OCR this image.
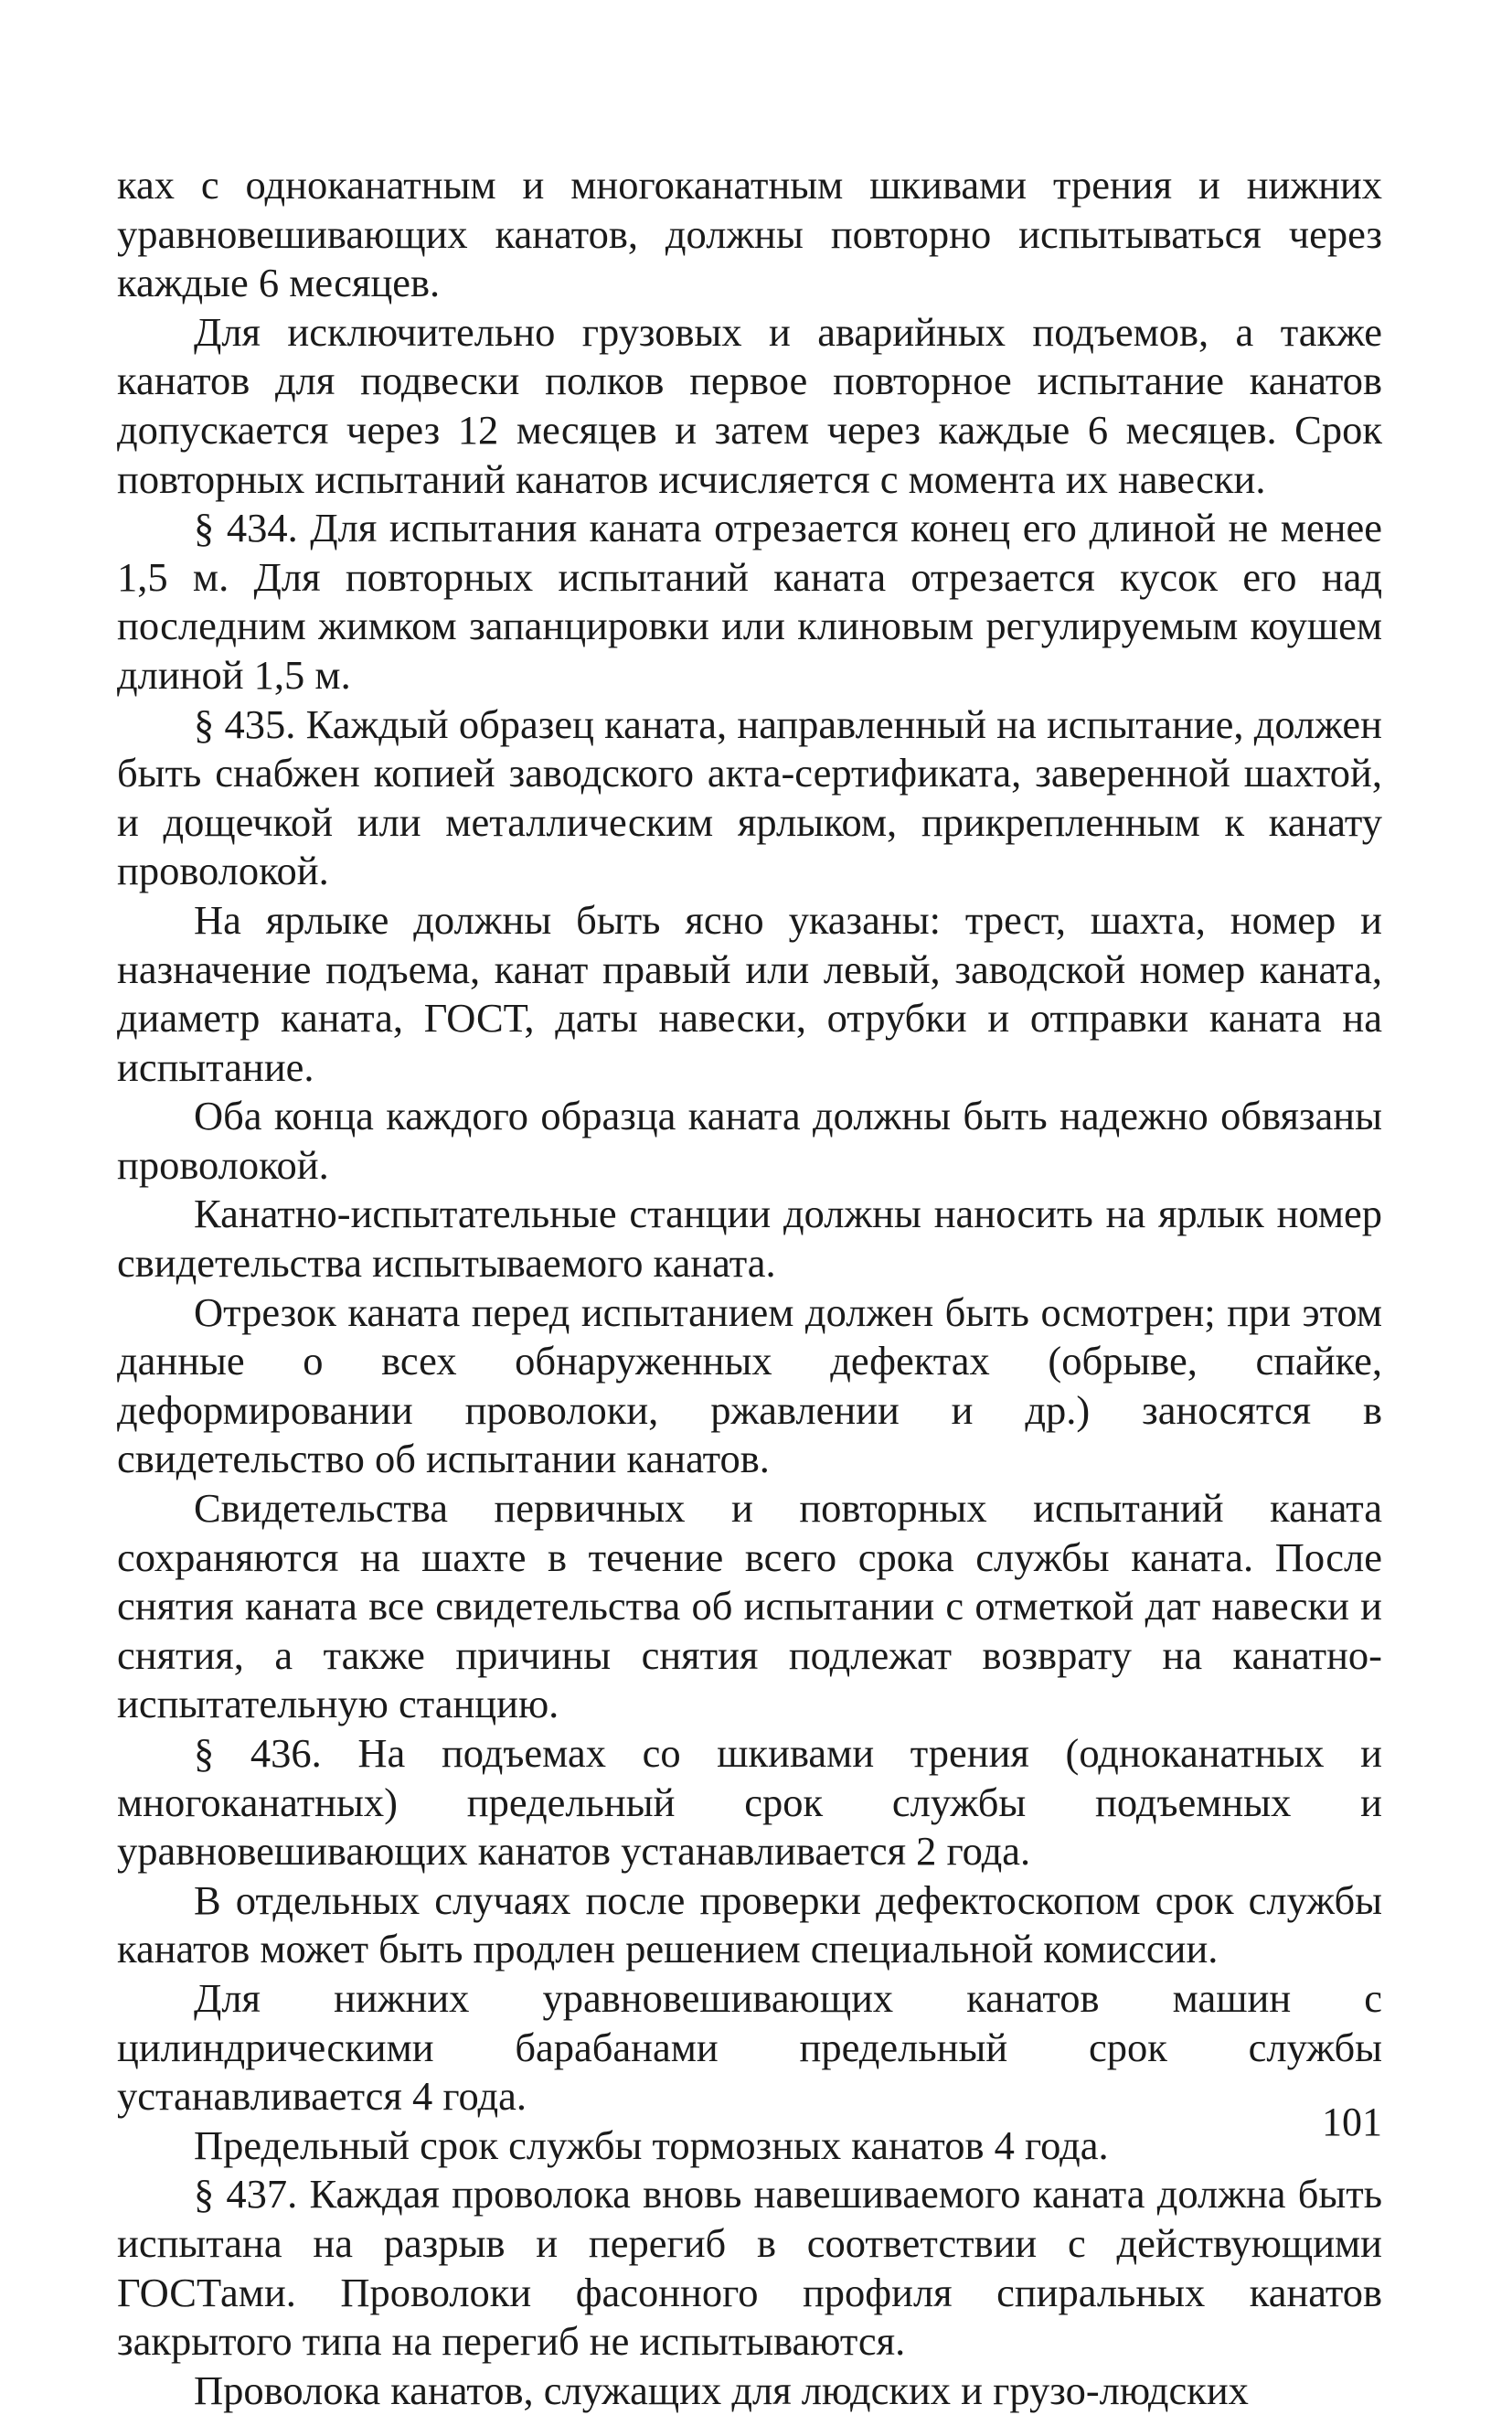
ках с одноканатным и многоканатным шкивами трения и нижних уравновешивающих канатов, должны повторно испытываться через каждые 6 месяцев.

Для исключительно грузовых и аварийных подъемов, а также канатов для подвески полков первое повторное испытание канатов допускается через 12 месяцев и затем через каждые 6 месяцев. Срок повторных испытаний канатов исчисляется с момента их навески.

§ 434. Для испытания каната отрезается конец его длиной не менее 1,5 м. Для повторных испытаний каната отрезается кусок его над последним жимком запанцировки или клиновым регулируемым коушем длиной 1,5 м.

§ 435. Каждый образец каната, направленный на испытание, должен быть снабжен копией заводского акта-сертификата, заверенной шахтой, и дощечкой или металлическим ярлыком, прикрепленным к канату проволокой.

На ярлыке должны быть ясно указаны: трест, шахта, номер и назначение подъема, канат правый или левый, заводской номер каната, диаметр каната, ГОСТ, даты навески, отрубки и отправки каната на испытание.

Оба конца каждого образца каната должны быть надежно обвязаны проволокой.

Канатно-испытательные станции должны наносить на ярлык номер свидетельства испытываемого каната.

Отрезок каната перед испытанием должен быть осмотрен; при этом данные о всех обнаруженных дефектах (обрыве, спайке, деформировании проволоки, ржавлении и др.) заносятся в свидетельство об испытании канатов.

Свидетельства первичных и повторных испытаний каната сохраняются на шахте в течение всего срока службы каната. После снятия каната все свидетельства об испытании с отметкой дат навески и снятия, а также причины снятия подлежат возврату на канатно-испытательную станцию.

§ 436. На подъемах со шкивами трения (одноканатных и многоканатных) предельный срок службы подъемных и уравновешивающих канатов устанавливается 2 года.

В отдельных случаях после проверки дефектоскопом срок службы канатов может быть продлен решением специальной комиссии.

Для нижних уравновешивающих канатов машин с цилиндрическими барабанами предельный срок службы устанавливается 4 года.

Предельный срок службы тормозных канатов 4 года.

§ 437. Каждая проволока вновь навешиваемого каната должна быть испытана на разрыв и перегиб в соответствии с действующими ГОСТами. Проволоки фасонного профиля спиральных канатов закрытого типа на перегиб не испытываются.

Проволока канатов, служащих для людских и грузо-людских

101
